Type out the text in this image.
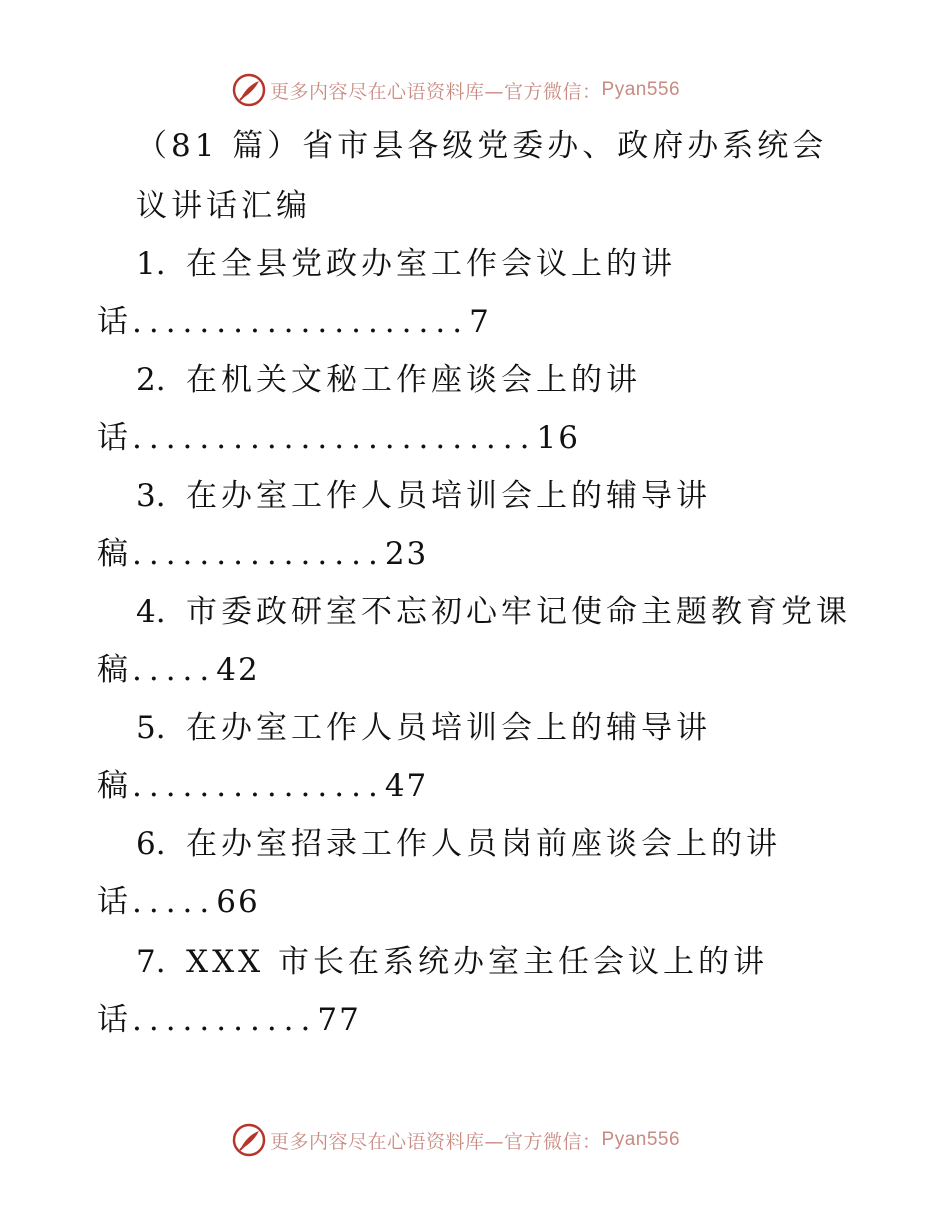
更多内容尽在心语资料库—官方微信： Pyan556
（81 篇）省市县各级党委办、政府办系统会
议讲话汇编
1. 在全县党政办室工作会议上的讲
话....................7
2. 在机关文秘工作座谈会上的讲
话........................16
3. 在办室工作人员培训会上的辅导讲
稿...............23
4. 市委政研室不忘初心牢记使命主题教育党课
稿.....42
5. 在办室工作人员培训会上的辅导讲
稿...............47
6. 在办室招录工作人员岗前座谈会上的讲
话.....66
7. XXX 市长在系统办室主任会议上的讲
话...........77
更多内容尽在心语资料库—官方微信： Pyan556
